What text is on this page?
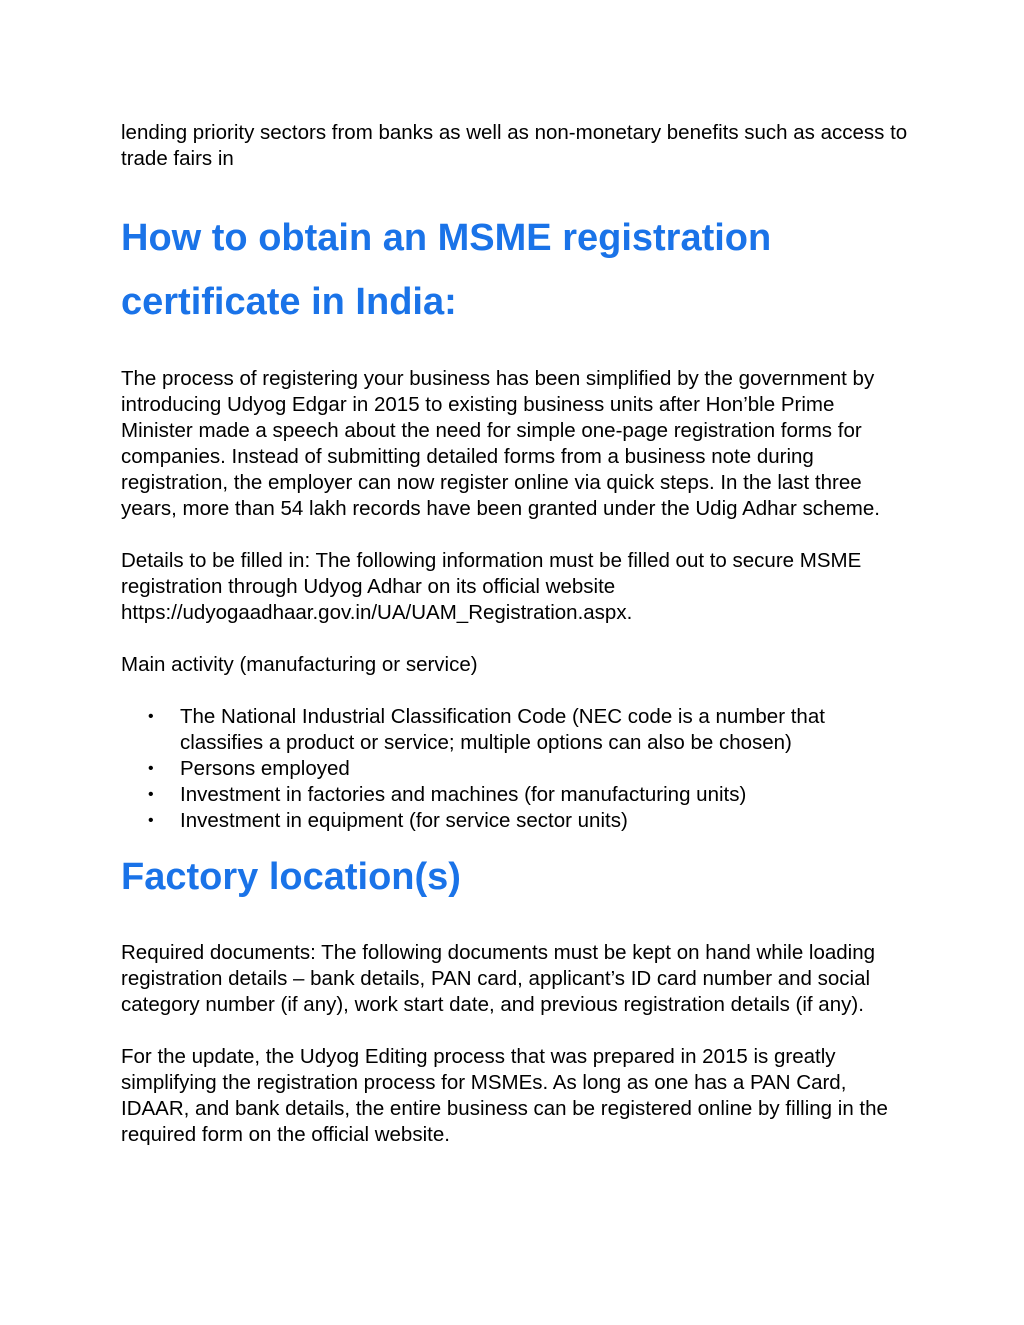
lending priority sectors from banks as well as non-monetary benefits such as access to trade fairs in

How to obtain an MSME registration certificate in India:

The process of registering your business has been simplified by the government by introducing Udyog Edgar in 2015 to existing business units after Hon’ble Prime Minister made a speech about the need for simple one-page registration forms for companies. Instead of submitting detailed forms from a business note during registration, the employer can now register online via quick steps. In the last three years, more than 54 lakh records have been granted under the Udig Adhar scheme.

Details to be filled in: The following information must be filled out to secure MSME registration through Udyog Adhar on its official website https://udyogaadhaar.gov.in/UA/UAM_Registration.aspx.

Main activity (manufacturing or service)

• The National Industrial Classification Code (NEC code is a number that classifies a product or service; multiple options can also be chosen)
• Persons employed
• Investment in factories and machines (for manufacturing units)
• Investment in equipment (for service sector units)
Factory location(s)

Required documents: The following documents must be kept on hand while loading registration details – bank details, PAN card, applicant’s ID card number and social category number (if any), work start date, and previous registration details (if any).

For the update, the Udyog Editing process that was prepared in 2015 is greatly simplifying the registration process for MSMEs. As long as one has a PAN Card, IDAAR, and bank details, the entire business can be registered online by filling in the required form on the official website.
